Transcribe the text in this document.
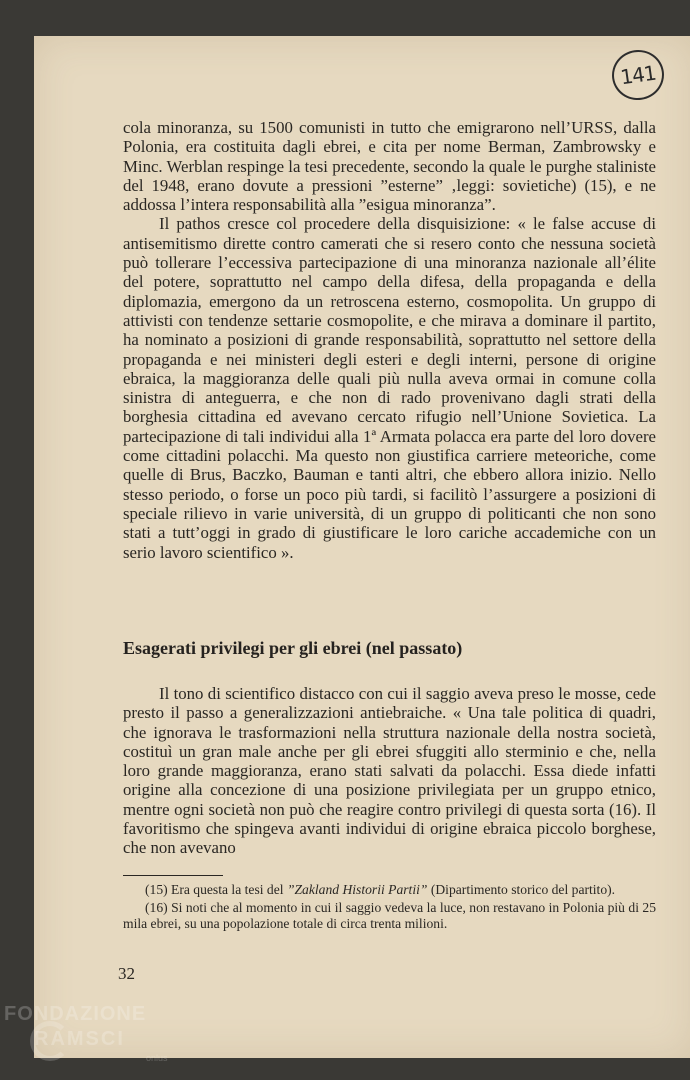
141

cola minoranza, su 1500 comunisti in tutto che emigrarono nell’URSS, dalla Polonia, era costituita dagli ebrei, e cita per nome Berman, Zambrowsky e Minc. Werblan respinge la tesi precedente, secondo la quale le purghe staliniste del 1948, erano dovute a pressioni ”esterne” ‚leggi: sovietiche) (15), e ne addossa l’intera responsabilità alla ”esigua minoranza”.

Il pathos cresce col procedere della disquisizione: « le false accuse di antisemitismo dirette contro camerati che si resero conto che nessuna società può tollerare l’eccessiva partecipazione di una minoranza nazionale all’élite del potere, soprattutto nel campo della difesa, della propaganda e della diplomazia, emergono da un retroscena esterno, cosmopolita. Un gruppo di attivisti con tendenze settarie cosmopolite, e che mirava a dominare il partito, ha nominato a posizioni di grande responsabilità, soprattutto nel settore della propaganda e nei ministeri degli esteri e degli interni, persone di origine ebraica, la maggioranza delle quali più nulla aveva ormai in comune colla sinistra di anteguerra, e che non di rado provenivano dagli strati della borghesia cittadina ed avevano cercato rifugio nell’Unione Sovietica. La partecipazione di tali individui alla 1ª Armata polacca era parte del loro dovere come cittadini polacchi. Ma questo non giustifica carriere meteoriche, come quelle di Brus, Baczko, Bauman e tanti altri, che ebbero allora inizio. Nello stesso periodo, o forse un poco più tardi, si facilitò l’assurgere a posizioni di speciale rilievo in varie università, di un gruppo di politicanti che non sono stati a tutt’oggi in grado di giustificare le loro cariche accademiche con un serio lavoro scientifico ».

Esagerati privilegi per gli ebrei (nel passato)

Il tono di scientifico distacco con cui il saggio aveva preso le mosse, cede presto il passo a generalizzazioni antiebraiche. « Una tale politica di quadri, che ignorava le trasformazioni nella struttura nazionale della nostra società, costituì un gran male anche per gli ebrei sfuggiti allo sterminio e che, nella loro grande maggioranza, erano stati salvati da polacchi. Essa diede infatti origine alla concezione di una posizione privilegiata per un gruppo etnico, mentre ogni società non può che reagire contro privilegi di questa sorta (16). Il favoritismo che spingeva avanti individui di origine ebraica piccolo borghese, che non avevano

(15) Era questa la tesi del ”Zakland Historii Partii” (Dipartimento storico del partito).

(16) Si noti che al momento in cui il saggio vedeva la luce, non restavano in Polonia più di 25 mila ebrei, su una popolazione totale di circa trenta milioni.

32
FONDAZIONE
RAMSCI
onlus
